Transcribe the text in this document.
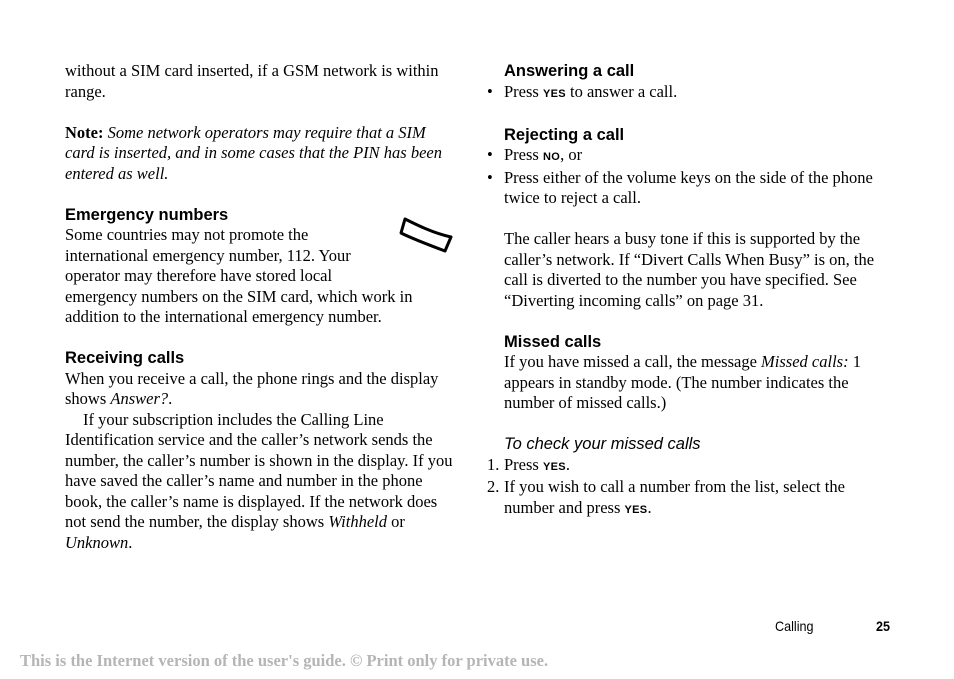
without a SIM card inserted, if a GSM network is within range.

Note: Some network operators may require that a SIM card is inserted, and in some cases that the PIN has been entered as well.

Emergency numbers

Some countries may not promote the international emergency number, 112. Your operator may therefore have stored local

emergency numbers on the SIM card, which work in addition to the international emergency number.

Receiving calls

When you receive a call, the phone rings and the display shows Answer?.

If your subscription includes the Calling Line Identification service and the caller’s network sends the number, the caller’s number is shown in the display. If you have saved the caller’s name and number in the phone book, the caller’s name is displayed. If the network does not send the number, the display shows Withheld or Unknown.

Answering a call
• Press YES to answer a call.
Rejecting a call
• Press NO, or
• Press either of the volume keys on the side of the phone twice to reject a call.

The caller hears a busy tone if this is supported by the caller’s network. If “Divert Calls When Busy” is on, the call is diverted to the number you have specified. See “Diverting incoming calls” on page 31.

Missed calls

If you have missed a call, the message Missed calls: 1 appears in standby mode. (The number indicates the number of missed calls.)

To check your missed calls
1. Press YES.
2. If you wish to call a number from the list, select the number and press YES.
Calling	25
This is the Internet version of the user's guide. © Print only for private use.
